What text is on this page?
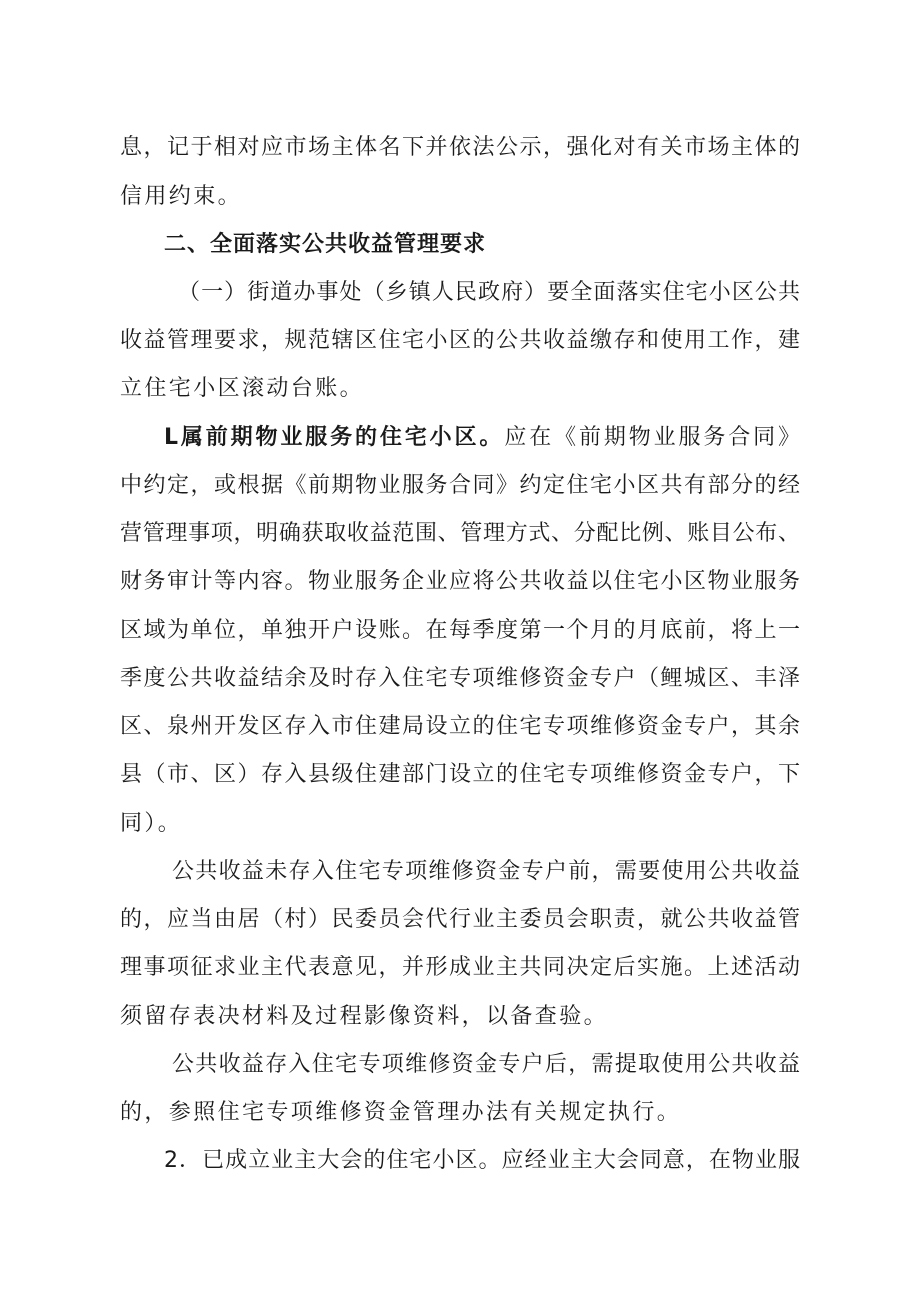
息，记于相对应市场主体名下并依法公示，强化对有关市场主体的
信用约束。
二、全面落实公共收益管理要求
（一）街道办事处（乡镇人民政府）要全面落实住宅小区公共
收益管理要求，规范辖区住宅小区的公共收益缴存和使用工作，建
立住宅小区滚动台账。
L属前期物业服务的住宅小区。应在《前期物业服务合同》
中约定，或根据《前期物业服务合同》约定住宅小区共有部分的经
营管理事项，明确获取收益范围、管理方式、分配比例、账目公布、
财务审计等内容。物业服务企业应将公共收益以住宅小区物业服务
区域为单位，单独开户设账。在每季度第一个月的月底前，将上一
季度公共收益结余及时存入住宅专项维修资金专户（鲤城区、丰泽
区、泉州开发区存入市住建局设立的住宅专项维修资金专户，其余
县（市、区）存入县级住建部门设立的住宅专项维修资金专户，下
同）。
公共收益未存入住宅专项维修资金专户前，需要使用公共收益
的，应当由居（村）民委员会代行业主委员会职责，就公共收益管
理事项征求业主代表意见，并形成业主共同决定后实施。上述活动
须留存表决材料及过程影像资料，以备查验。
公共收益存入住宅专项维修资金专户后，需提取使用公共收益
的，参照住宅专项维修资金管理办法有关规定执行。
2．已成立业主大会的住宅小区。应经业主大会同意，在物业服
